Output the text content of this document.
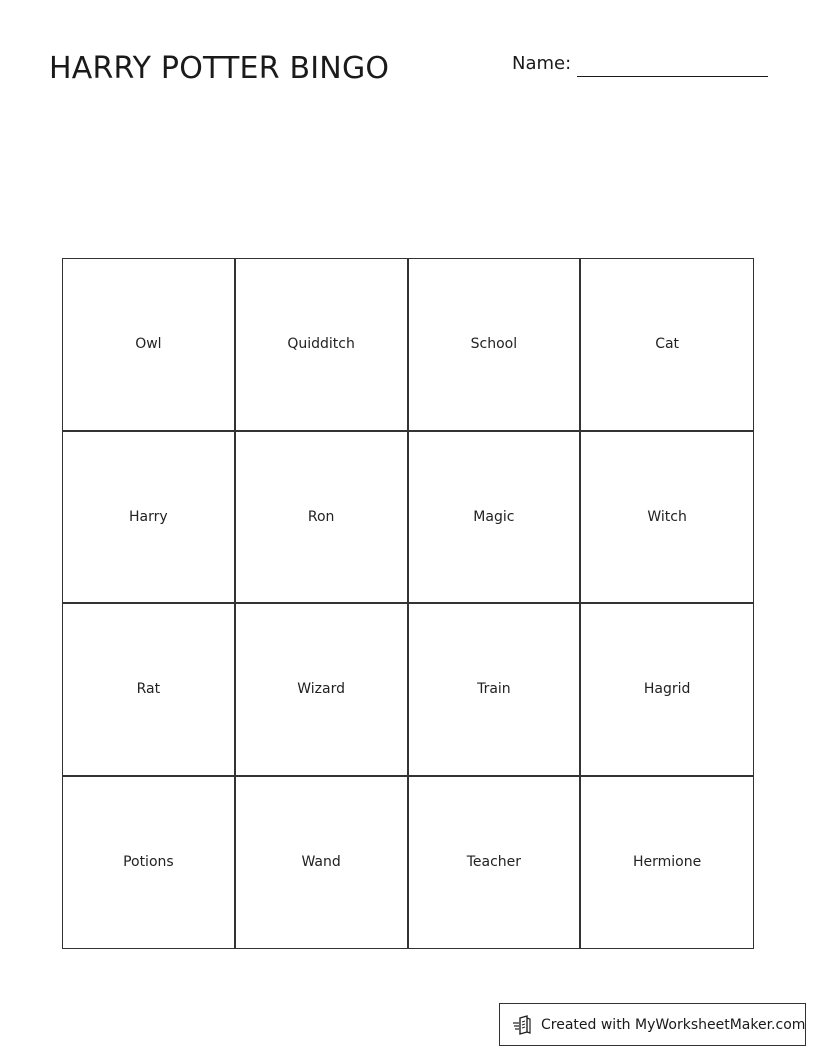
HARRY POTTER BINGO	Name:
Owl	Quidditch	School	Cat
Harry	Ron	Magic	Witch
Rat	Wizard	Train	Hagrid
Potions	Wand	Teacher	Hermione
Created with MyWorksheetMaker.com
